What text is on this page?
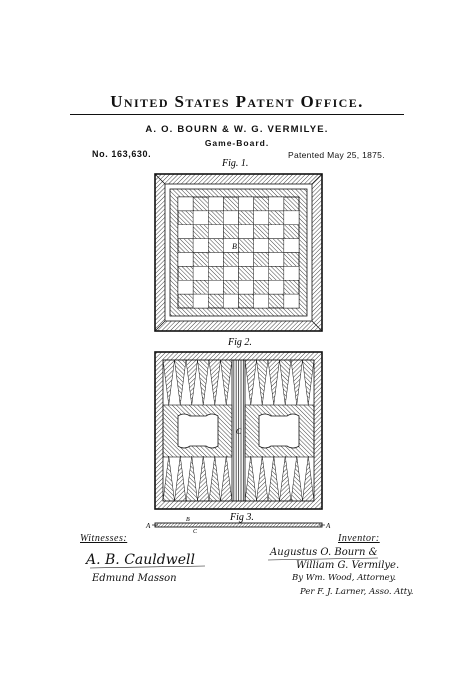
United States Patent Office.
A. O. BOURN & W. G. VERMILYE.
Game-Board.
No. 163,630.	Patented May 25, 1875.
Fig. 1.
B
Fig 2.
C
Fig 3.
A	A
B
C
Witnesses:	Inventor:
A. B. Cauldwell
Edmund Masson
Augustus O. Bourn &
William G. Vermilye.
By Wm. Wood, Attorney.
Per F. J. Larner, Asso. Atty.
